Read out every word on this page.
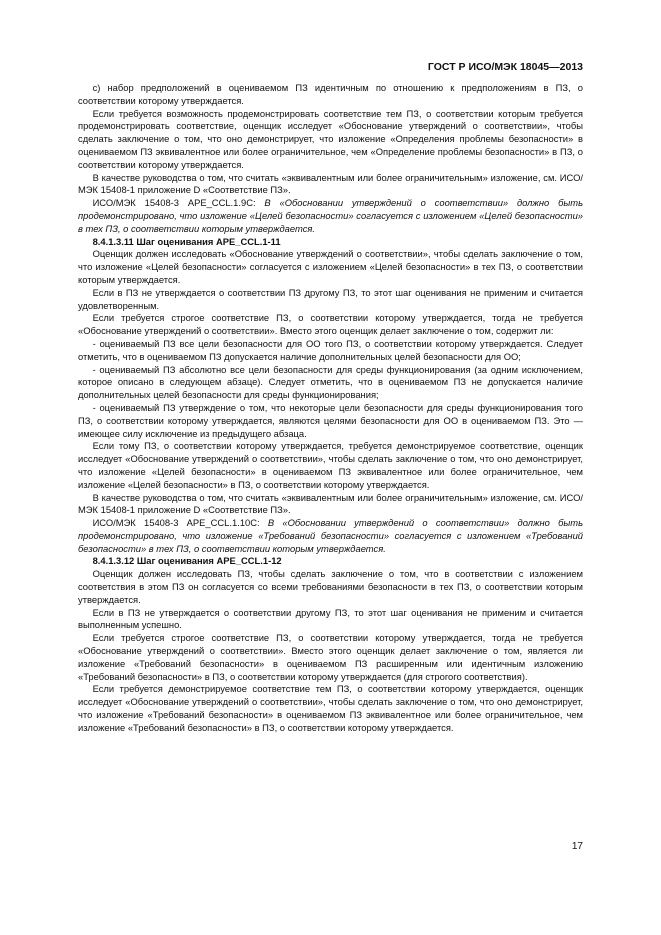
ГОСТ Р ИСО/МЭК 18045—2013

c) набор предположений в оцениваемом ПЗ идентичным по отношению к предположениям в ПЗ, о соответствии которому утверждается.

Если требуется возможность продемонстрировать соответствие тем ПЗ, о соответствии которым требуется продемонстрировать соответствие, оценщик исследует «Обоснование утверждений о соответствии», чтобы сделать заключение о том, что оно демонстрирует, что изложение «Определения проблемы безопасности» в оцениваемом ПЗ эквивалентное или более ограничительное, чем «Определение проблемы безопасности» в ПЗ, о соответствии которому утверждается.

В качестве руководства о том, что считать «эквивалентным или более ограничительным» изложение, см. ИСО/МЭК 15408-1 приложение D «Соответствие ПЗ».

ИСО/МЭК 15408-3 APE_CCL.1.9C: В «Обосновании утверждений о соответствии» должно быть продемонстрировано, что изложение «Целей безопасности» согласуется с изложением «Целей безопасности» в тех ПЗ, о соответствии которым утверждается.

8.4.1.3.11 Шаг оценивания APE_CCL.1-11

Оценщик должен исследовать «Обоснование утверждений о соответствии», чтобы сделать заключение о том, что изложение «Целей безопасности» согласуется с изложением «Целей безопасности» в тех ПЗ, о соответствии которым утверждается.

Если в ПЗ не утверждается о соответствии ПЗ другому ПЗ, то этот шаг оценивания не применим и считается удовлетворенным.

Если требуется строгое соответствие ПЗ, о соответствии которому утверждается, тогда не требуется «Обоснование утверждений о соответствии». Вместо этого оценщик делает заключение о том, содержит ли:

- оцениваемый ПЗ все цели безопасности для ОО того ПЗ, о соответствии которому утверждается. Следует отметить, что в оцениваемом ПЗ допускается наличие дополнительных целей безопасности для ОО;

- оцениваемый ПЗ абсолютно все цели безопасности для среды функционирования (за одним исключением, которое описано в следующем абзаце). Следует отметить, что в оцениваемом ПЗ не допускается наличие дополнительных целей безопасности для среды функционирования;

- оцениваемый ПЗ утверждение о том, что некоторые цели безопасности для среды функционирования того ПЗ, о соответствии которому утверждается, являются целями безопасности для ОО в оцениваемом ПЗ. Это — имеющее силу исключение из предыдущего абзаца.

Если тому ПЗ, о соответствии которому утверждается, требуется демонстрируемое соответствие, оценщик исследует «Обоснование утверждений о соответствии», чтобы сделать заключение о том, что оно демонстрирует, что изложение «Целей безопасности» в оцениваемом ПЗ эквивалентное или более ограничительное, чем изложение «Целей безопасности» в ПЗ, о соответствии которому утверждается.

В качестве руководства о том, что считать «эквивалентным или более ограничительным» изложение, см. ИСО/МЭК 15408-1 приложение D «Соответствие ПЗ».

ИСО/МЭК 15408-3 APE_CCL.1.10C: В «Обосновании утверждений о соответствии» должно быть продемонстрировано, что изложение «Требований безопасности» согласуется с изложением «Требований безопасности» в тех ПЗ, о соответствии которым утверждается.

8.4.1.3.12 Шаг оценивания APE_CCL.1-12

Оценщик должен исследовать ПЗ, чтобы сделать заключение о том, что в соответствии с изложением соответствия в этом ПЗ он согласуется со всеми требованиями безопасности в тех ПЗ, о соответствии которым утверждается.

Если в ПЗ не утверждается о соответствии другому ПЗ, то этот шаг оценивания не применим и считается выполненным успешно.

Если требуется строгое соответствие ПЗ, о соответствии которому утверждается, тогда не требуется «Обоснование утверждений о соответствии». Вместо этого оценщик делает заключение о том, является ли изложение «Требований безопасности» в оцениваемом ПЗ расширенным или идентичным изложению «Требований безопасности» в ПЗ, о соответствии которому утверждается (для строгого соответствия).

Если требуется демонстрируемое соответствие тем ПЗ, о соответствии которому утверждается, оценщик исследует «Обоснование утверждений о соответствии», чтобы сделать заключение о том, что оно демонстрирует, что изложение «Требований безопасности» в оцениваемом ПЗ эквивалентное или более ограничительное, чем изложение «Требований безопасности» в ПЗ, о соответствии которому утверждается.

17
